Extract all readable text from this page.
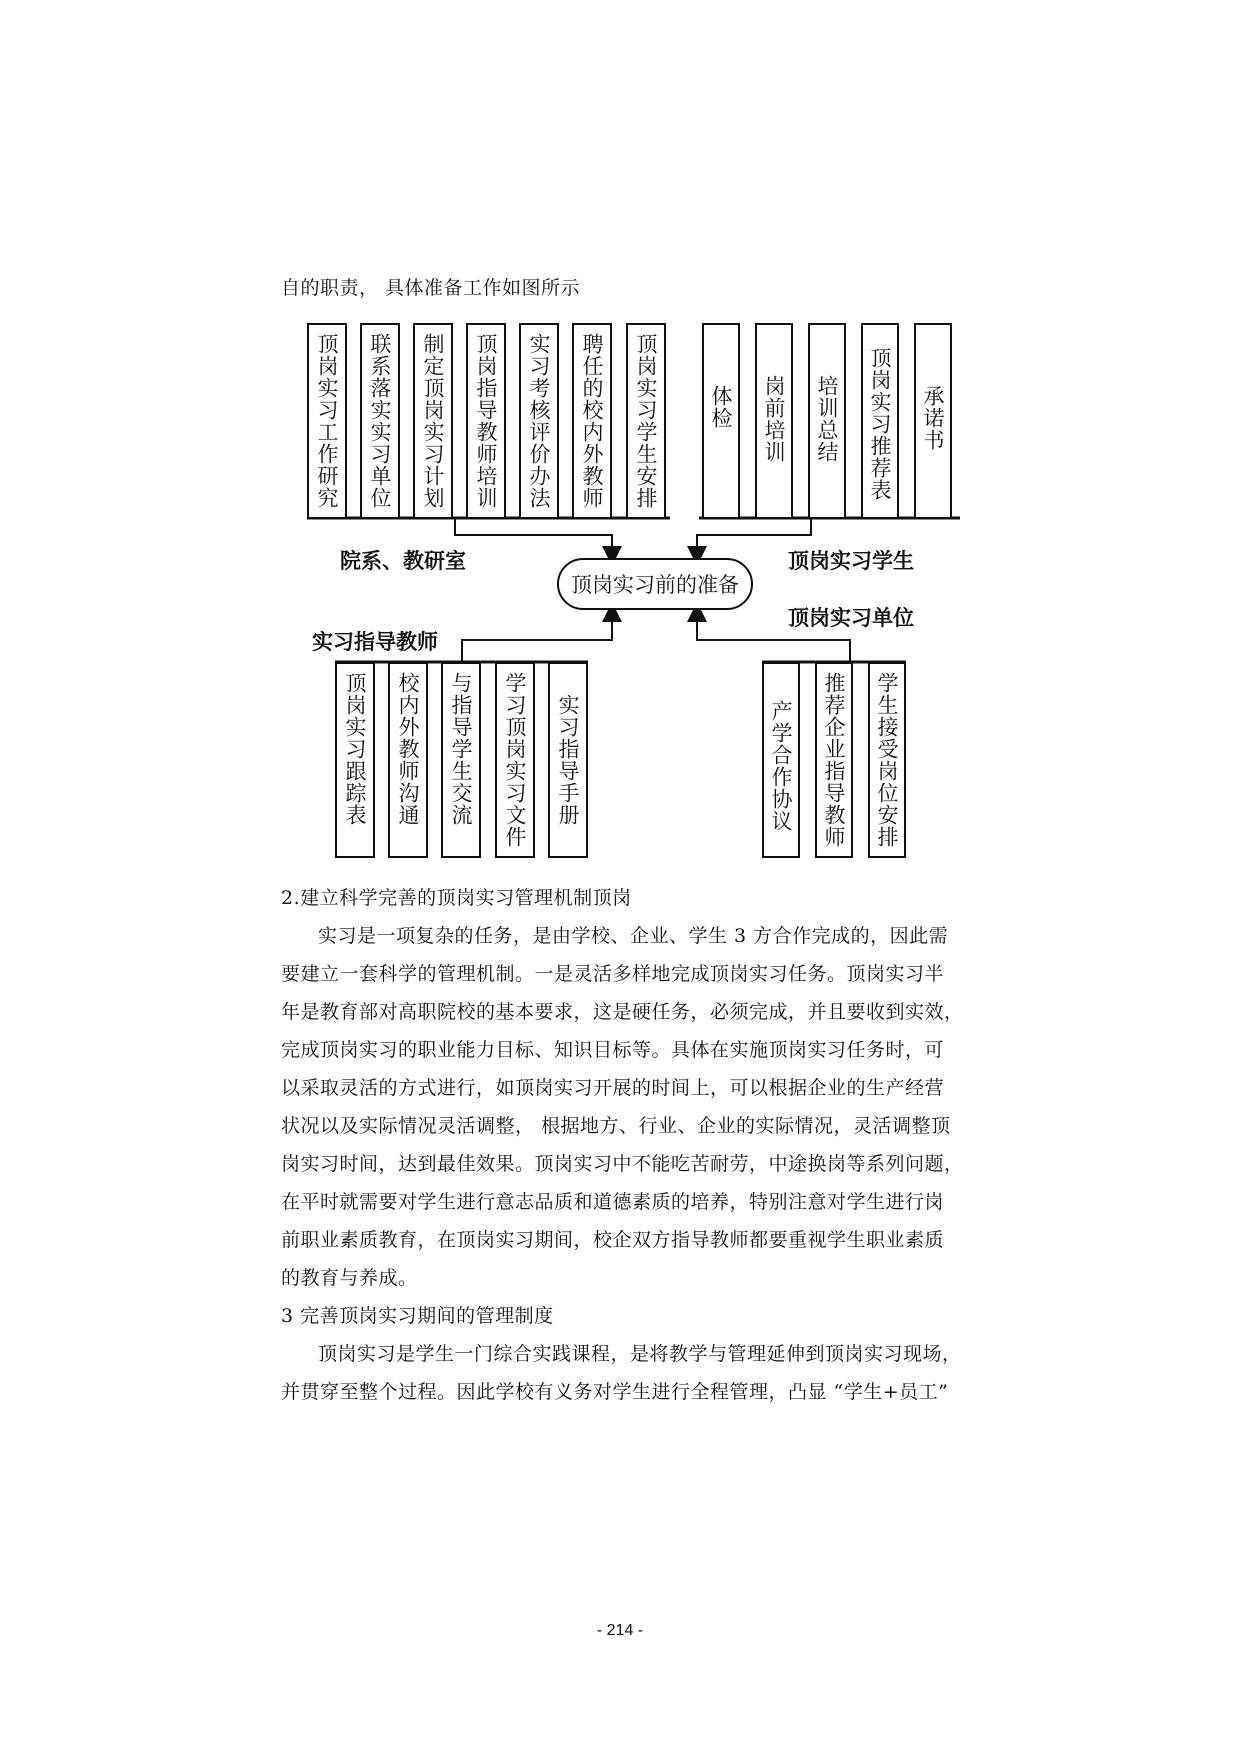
自的职责， 具体准备工作如图所示
顶岗实习工作研究 联系落实实习单位 制定顶岗实习计划 顶岗指导教师培训 实习考核评价办法 聘任的校内外教师 顶岗实习学生安排 体检 岗前培训 培训总结 顶岗实习推荐表 承诺书
院系、教研室	顶岗实习学生
实习指导教师
顶岗实习单位
顶岗实习前的准备
顶岗实习跟踪表 校内外教师沟通 与指导学生交流 学习顶岗实习文件 实习指导手册	产学合作协议 推荐企业指导教师 学生接受岗位安排
2.建立科学完善的顶岗实习管理机制顶岗
实习是一项复杂的任务，是由学校、企业、学生 3 方合作完成的，因此需
要建立一套科学的管理机制。一是灵活多样地完成顶岗实习任务。顶岗实习半
年是教育部对高职院校的基本要求，这是硬任务，必须完成，并且要收到实效，
完成顶岗实习的职业能力目标、知识目标等。具体在实施顶岗实习任务时，可
以采取灵活的方式进行，如顶岗实习开展的时间上，可以根据企业的生产经营
状况以及实际情况灵活调整， 根据地方、行业、企业的实际情况，灵活调整顶
岗实习时间，达到最佳效果。顶岗实习中不能吃苦耐劳，中途换岗等系列问题，
在平时就需要对学生进行意志品质和道德素质的培养，特别注意对学生进行岗
前职业素质教育，在顶岗实习期间，校企双方指导教师都要重视学生职业素质
的教育与养成。
3 完善顶岗实习期间的管理制度
顶岗实习是学生一门综合实践课程，是将教学与管理延伸到顶岗实习现场，
并贯穿至整个过程。因此学校有义务对学生进行全程管理，凸显 “学生+员工”
- 214 -
